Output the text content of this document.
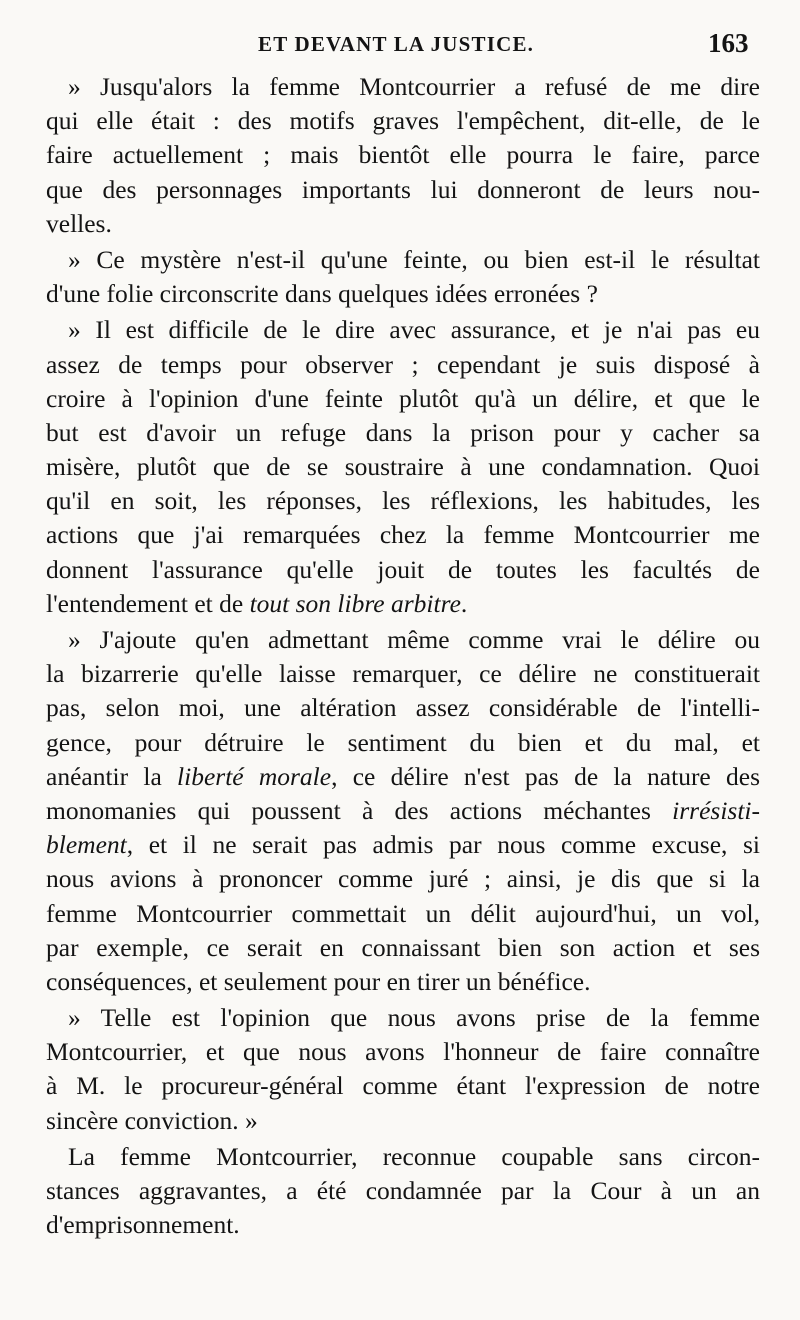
ET DEVANT LA JUSTICE.	163
» Jusqu'alors la femme Montcourrier a refusé de me dire
qui elle était : des motifs graves l'empêchent, dit-elle, de le
faire actuellement ; mais bientôt elle pourra le faire, parce
que des personnages importants lui donneront de leurs nou-
velles.
» Ce mystère n'est-il qu'une feinte, ou bien est-il le résultat
d'une folie circonscrite dans quelques idées erronées ?
» Il est difficile de le dire avec assurance, et je n'ai pas eu
assez de temps pour observer ; cependant je suis disposé à
croire à l'opinion d'une feinte plutôt qu'à un délire, et que le
but est d'avoir un refuge dans la prison pour y cacher sa
misère, plutôt que de se soustraire à une condamnation. Quoi
qu'il en soit, les réponses, les réflexions, les habitudes, les
actions que j'ai remarquées chez la femme Montcourrier me
donnent l'assurance qu'elle jouit de toutes les facultés de
l'entendement et de tout son libre arbitre.
» J'ajoute qu'en admettant même comme vrai le délire ou
la bizarrerie qu'elle laisse remarquer, ce délire ne constituerait
pas, selon moi, une altération assez considérable de l'intelli-
gence, pour détruire le sentiment du bien et du mal, et
anéantir la liberté morale, ce délire n'est pas de la nature des
monomanies qui poussent à des actions méchantes irrésisti-
blement, et il ne serait pas admis par nous comme excuse, si
nous avions à prononcer comme juré ; ainsi, je dis que si la
femme Montcourrier commettait un délit aujourd'hui, un vol,
par exemple, ce serait en connaissant bien son action et ses
conséquences, et seulement pour en tirer un bénéfice.
» Telle est l'opinion que nous avons prise de la femme
Montcourrier, et que nous avons l'honneur de faire connaître
à M. le procureur-général comme étant l'expression de notre
sincère conviction. »
La femme Montcourrier, reconnue coupable sans circon-
stances aggravantes, a été condamnée par la Cour à un an
d'emprisonnement.
